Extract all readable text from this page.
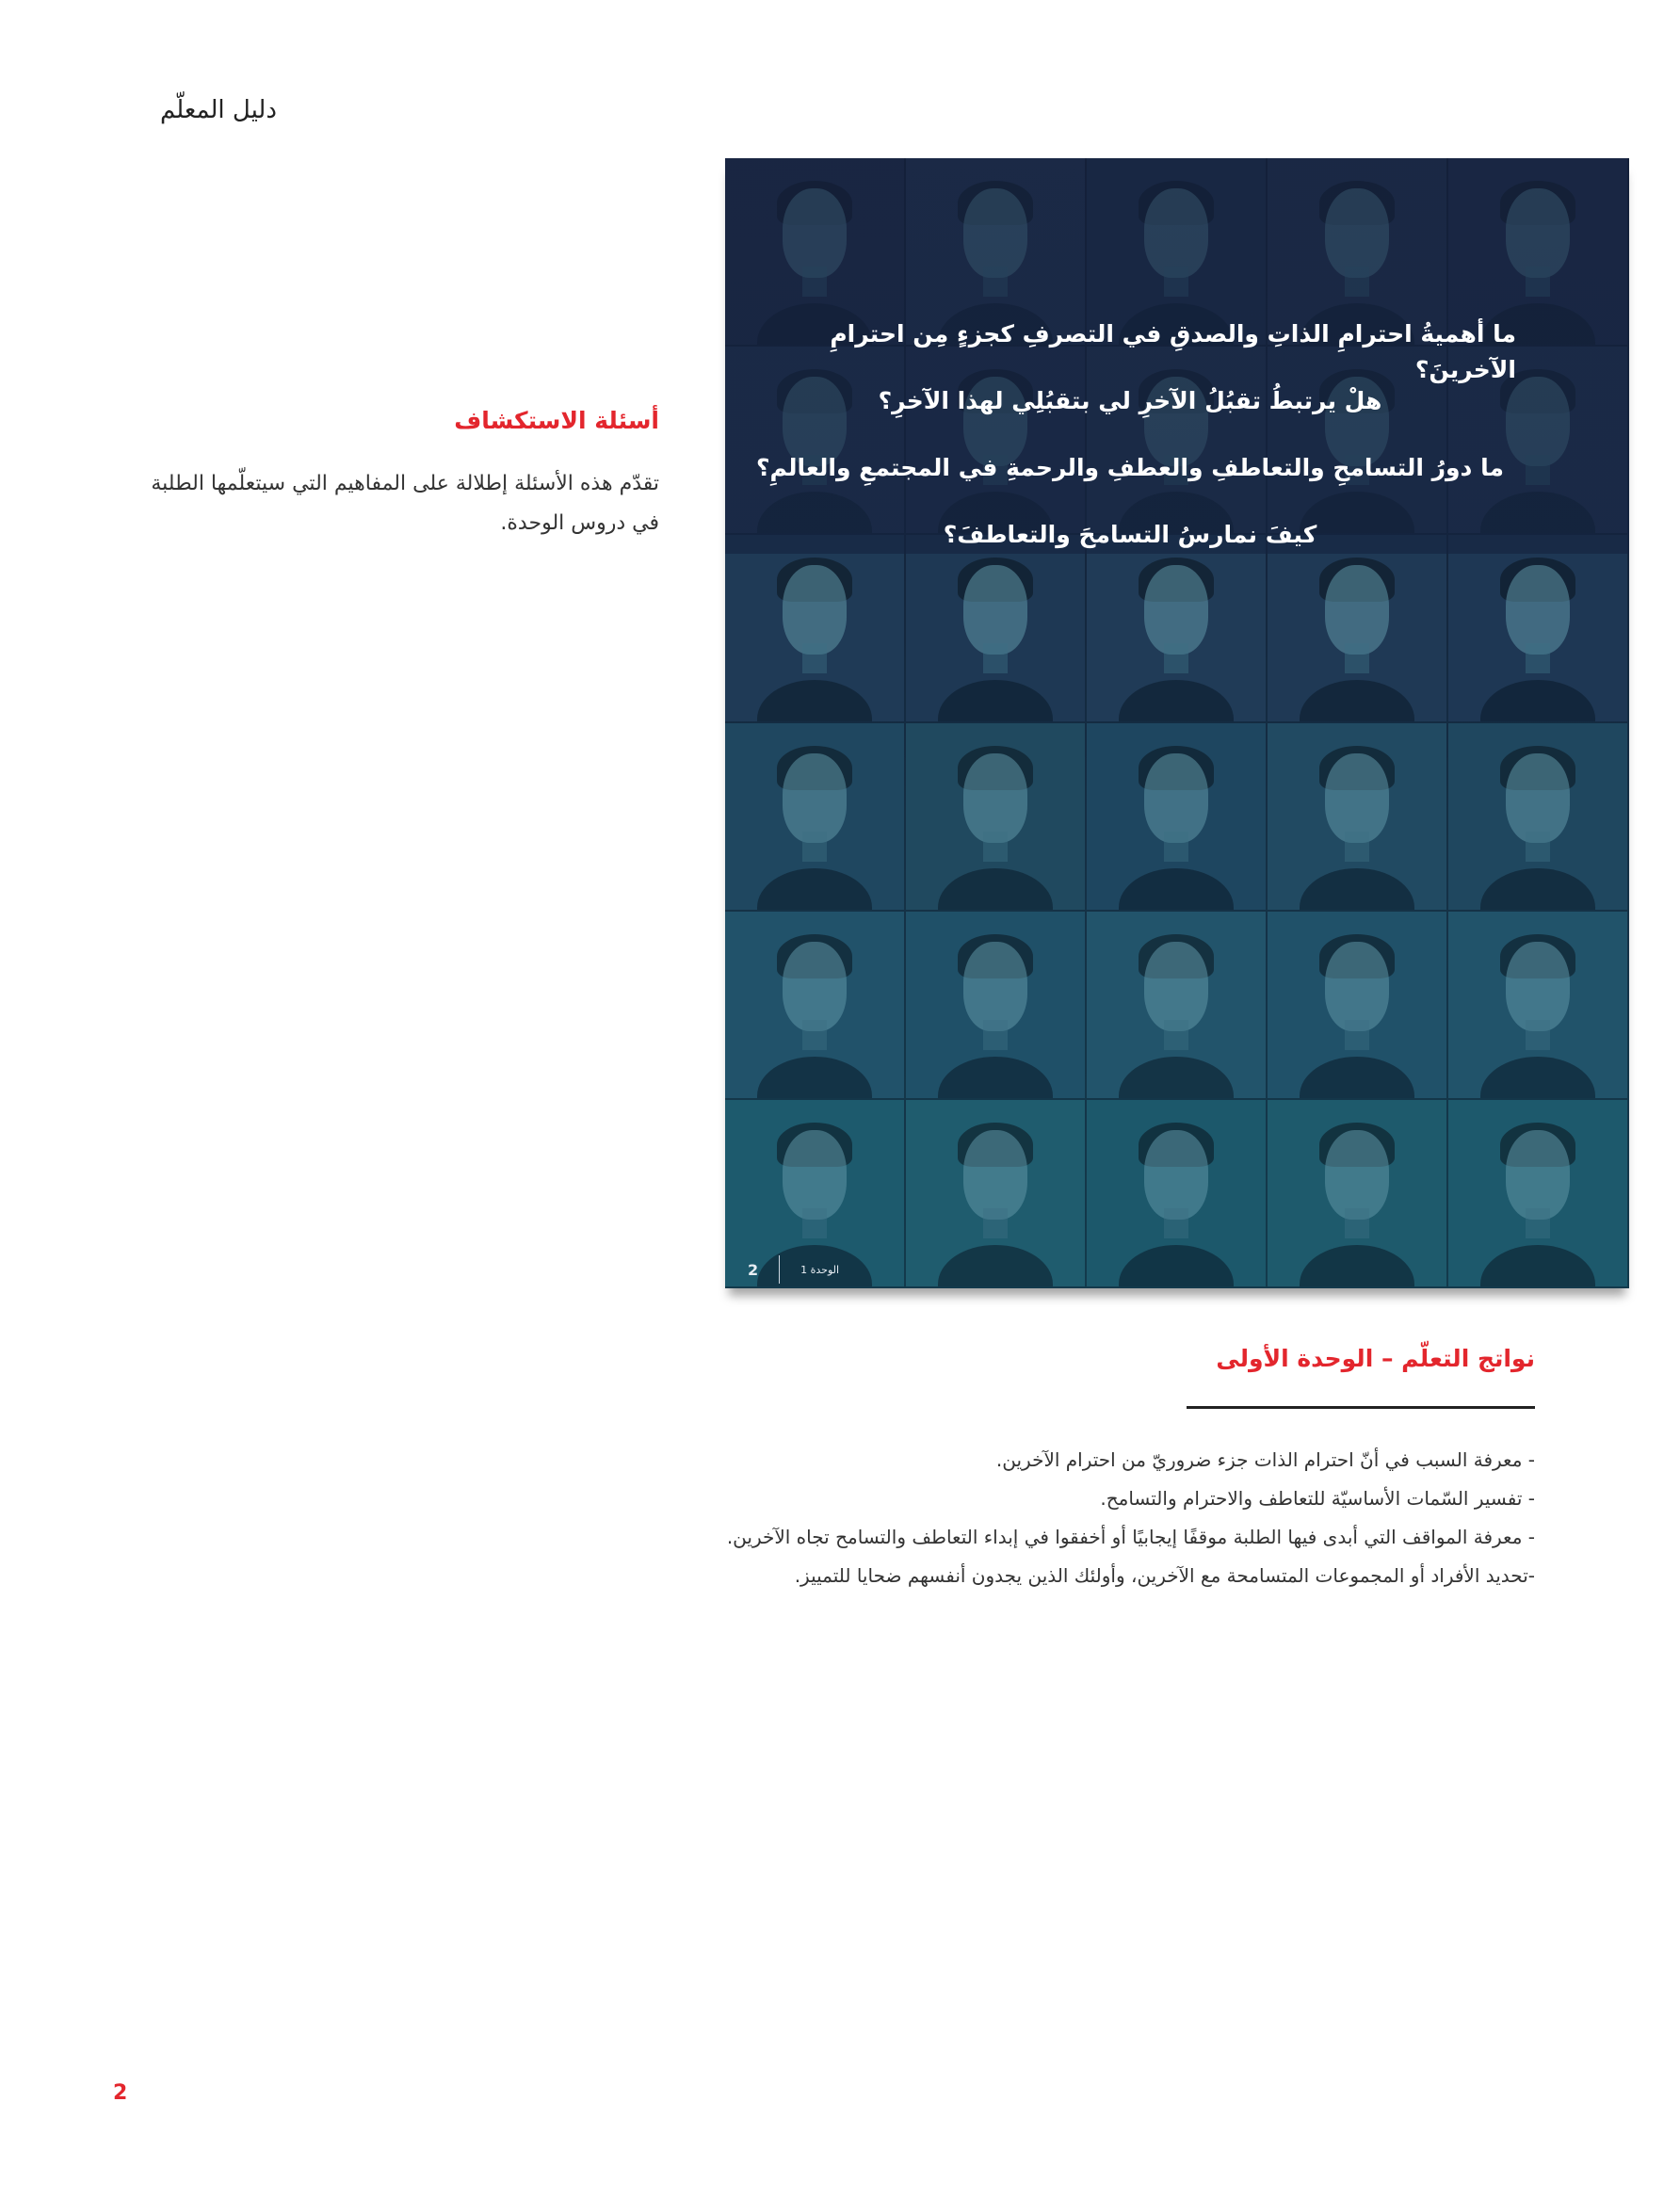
دليل المعلّم
أسئلة الاستكشاف

تقدّم هذه الأسئلة إطلالة على المفاهيم التي سيتعلّمها الطلبة في دروس الوحدة.

ما أهميةُ احترامِ الذاتِ والصدقِ في التصرفِ كجزءٍ مِن احترامِ الآخرينَ؟
هلْ يرتبطُ تقبُلُ الآخرِ لي بتقبُلِي لهذا الآخرِ؟
ما دورُ التسامحِ والتعاطفِ والعطفِ والرحمةِ في المجتمعِ والعالمِ؟
كيفَ نمارسُ التسامحَ والتعاطفَ؟
2	الوحدة 1
نواتج التعلّم – الوحدة الأولى

- معرفة السبب في أنّ احترام الذات جزء ضروريّ من احترام الآخرين.

- تفسير السّمات الأساسيّة للتعاطف والاحترام والتسامح.

- معرفة المواقف التي أبدى فيها الطلبة موقفًا إيجابيًا أو أخفقوا في إبداء التعاطف والتسامح تجاه الآخرين.

-تحديد الأفراد أو المجموعات المتسامحة مع الآخرين، وأولئك الذين يجدون أنفسهم ضحايا للتمييز.

2
